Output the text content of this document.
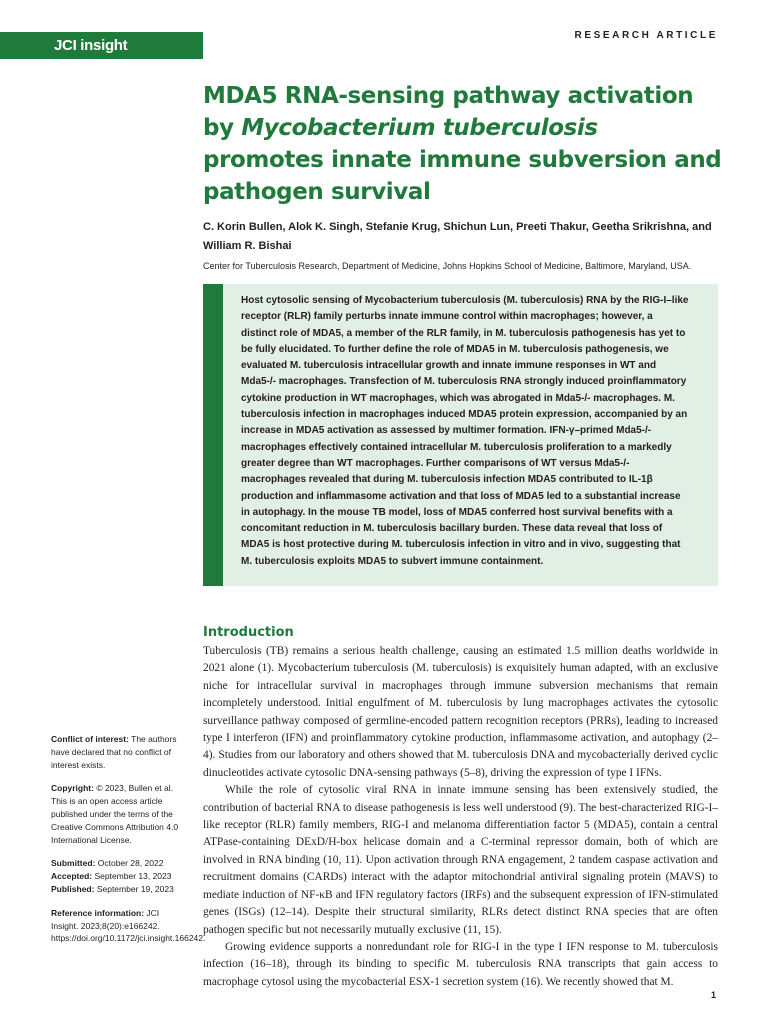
JCI insight
RESEARCH ARTICLE
MDA5 RNA-sensing pathway activation by Mycobacterium tuberculosis promotes innate immune subversion and pathogen survival

C. Korin Bullen, Alok K. Singh, Stefanie Krug, Shichun Lun, Preeti Thakur, Geetha Srikrishna, and William R. Bishai

Center for Tuberculosis Research, Department of Medicine, Johns Hopkins School of Medicine, Baltimore, Maryland, USA.

Host cytosolic sensing of Mycobacterium tuberculosis (M. tuberculosis) RNA by the RIG-I–like receptor (RLR) family perturbs innate immune control within macrophages; however, a distinct role of MDA5, a member of the RLR family, in M. tuberculosis pathogenesis has yet to be fully elucidated. To further define the role of MDA5 in M. tuberculosis pathogenesis, we evaluated M. tuberculosis intracellular growth and innate immune responses in WT and Mda5-/- macrophages. Transfection of M. tuberculosis RNA strongly induced proinflammatory cytokine production in WT macrophages, which was abrogated in Mda5-/- macrophages. M. tuberculosis infection in macrophages induced MDA5 protein expression, accompanied by an increase in MDA5 activation as assessed by multimer formation. IFN-γ–primed Mda5-/- macrophages effectively contained intracellular M. tuberculosis proliferation to a markedly greater degree than WT macrophages. Further comparisons of WT versus Mda5-/- macrophages revealed that during M. tuberculosis infection MDA5 contributed to IL-1β production and inflammasome activation and that loss of MDA5 led to a substantial increase in autophagy. In the mouse TB model, loss of MDA5 conferred host survival benefits with a concomitant reduction in M. tuberculosis bacillary burden. These data reveal that loss of MDA5 is host protective during M. tuberculosis infection in vitro and in vivo, suggesting that M. tuberculosis exploits MDA5 to subvert immune containment.

Introduction

Tuberculosis (TB) remains a serious health challenge, causing an estimated 1.5 million deaths worldwide in 2021 alone (1). Mycobacterium tuberculosis (M. tuberculosis) is exquisitely human adapted, with an exclusive niche for intracellular survival in macrophages through immune subversion mechanisms that remain incompletely understood. Initial engulfment of M. tuberculosis by lung macrophages activates the cytosolic surveillance pathway composed of germline-encoded pattern recognition receptors (PRRs), leading to increased type I interferon (IFN) and proinflammatory cytokine production, inflammasome activation, and autophagy (2–4). Studies from our laboratory and others showed that M. tuberculosis DNA and mycobacterially derived cyclic dinucleotides activate cytosolic DNA-sensing pathways (5–8), driving the expression of type I IFNs.

While the role of cytosolic viral RNA in innate immune sensing has been extensively studied, the contribution of bacterial RNA to disease pathogenesis is less well understood (9). The best-characterized RIG-I–like receptor (RLR) family members, RIG-I and melanoma differentiation factor 5 (MDA5), contain a central ATPase-containing DExD/H-box helicase domain and a C-terminal repressor domain, both of which are involved in RNA binding (10, 11). Upon activation through RNA engagement, 2 tandem caspase activation and recruitment domains (CARDs) interact with the adaptor mitochondrial antiviral signaling protein (MAVS) to mediate induction of NF-κB and IFN regulatory factors (IRFs) and the subsequent expression of IFN-stimulated genes (ISGs) (12–14). Despite their structural similarity, RLRs detect distinct RNA species that are often pathogen specific but not necessarily mutually exclusive (11, 15).

Growing evidence supports a nonredundant role for RIG-I in the type I IFN response to M. tuberculosis infection (16–18), through its binding to specific M. tuberculosis RNA transcripts that gain access to macrophage cytosol using the mycobacterial ESX-1 secretion system (16). We recently showed that M.

Conflict of interest: The authors have declared that no conflict of interest exists.
Copyright: © 2023, Bullen et al. This is an open access article published under the terms of the Creative Commons Attribution 4.0 International License.
Submitted: October 28, 2022
Accepted: September 13, 2023
Published: September 19, 2023
Reference information: JCI Insight. 2023;8(20):e166242. https://doi.org/10.1172/jci.insight.166242.
1
